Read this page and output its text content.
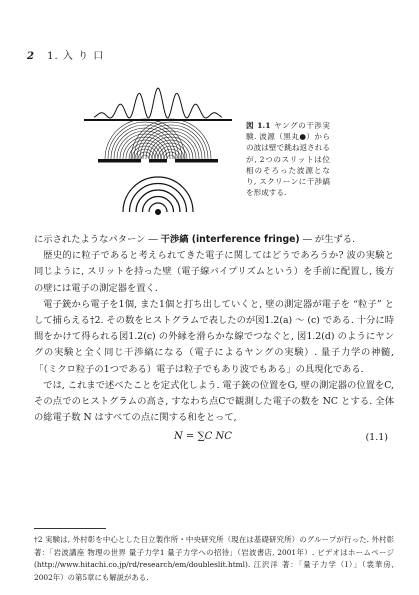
2 1. 入 り 口
図 1.1 ヤングの干渉実験. 波源（黒丸●）からの波は壁で跳ね返されるが, 2つのスリットは位相のそろった波源となり, スクリーンに干渉縞を形成する.

に示されたようなパターン ― 干渉縞 (interference fringe) ― が生ずる.

歴史的に粒子であると考えられてきた電子に関してはどうであろうか? 波の実験と同じように, スリットを持った壁（電子線バイプリズムという）を手前に配置し, 後方の壁には電子の測定器を置く.

電子銃から電子を1個, また1個と打ち出していくと, 壁の測定器が電子を “粒子” として捕らえる†2. その数をヒストグラムで表したのが図1.2(a) ～ (c) である. 十分に時間をかけて得られる図1.2(c) の外縁を滑らかな線でつなぐと, 図1.2(d) のようにヤングの実験と全く同じ干渉縞になる（電子によるヤングの実験）. 量子力学の神髄, 「（ミクロ粒子の1つである）電子は粒子でもあり波でもある」の具現化である.

では, これまで述べたことを定式化しよう. 電子銃の位置をG, 壁の測定器の位置をC, その点でのヒストグラムの高さ, すなわち点Cで観測した電子の数を NC とする. 全体の総電子数 N はすべての点に関する和をとって,

N = ∑C NC	(1.1)
†2 実験は, 外村彰を中心とした日立製作所・中央研究所（現在は基礎研究所）のグループが行った. 外村彰 著：「岩波講座 物理の世界 量子力学1 量子力学への招待」（岩波書店, 2001年）. ビデオはホームページ (http://www.hitachi.co.jp/rd/research/em/doubleslit.html). 江沢洋 著：「量子力学（I）」（裳華房, 2002年）の第5章にも解説がある.
